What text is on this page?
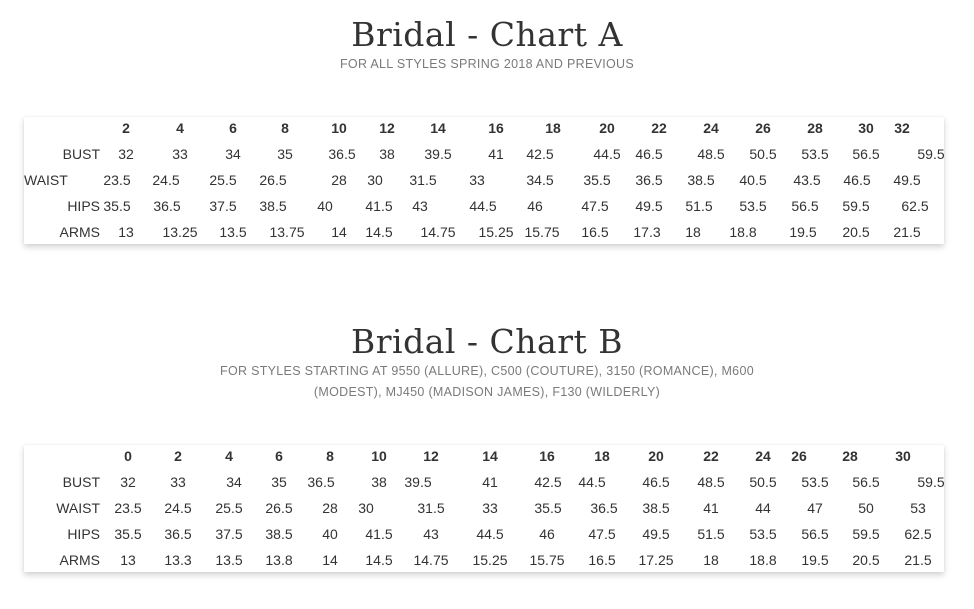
Bridal - Chart A
FOR ALL STYLES SPRING 2018 AND PREVIOUS
2	4	6	8	10 12	14	16	18	20	22	24	26	28	30 32
BUST 32	33	34	35	36.5 38 39.5	41 42.5	44.5 46.5 48.5 50.5 53.5 56.5	59.5
WAIST	23.5 24.5 25.5 26.5	28 30 31.5 33	34.5 35.5 36.5 38.5 40.5 43.5 46.5 49.5
HIPS 35.5 36.5 37.5 38.5 40 41.5 43	44.5 46	47.5 49.5 51.5 53.5 56.5 59.5 62.5
ARMS 13 13.25 13.5 13.75 14 14.5 14.75 15.25 15.75 16.5 17.3 18 18.8 19.5 20.5 21.5
Bridal - Chart B
FOR STYLES STARTING AT 9550 (ALLURE), C500 (COUTURE), 3150 (ROMANCE), M600
(MODEST), MJ450 (MADISON JAMES), F130 (WILDERLY)
0	2	4	6	8	10	12	14	16	18	20	22	24 26	28	30
BUST 32 33	34 35 36.5	38 39.5	41	42.5 44.5	46.5 48.5 50.5 53.5 56.5	59.5
WAIST 23.5 24.5 25.5 26.5 28 30	31.5	33	35.5 36.5 38.5 41	44	47	50	53
HIPS 35.5 36.5 37.5 38.5 40 41.5 43	44.5	46 47.5 49.5 51.5 53.5 56.5 59.5 62.5
ARMS 13 13.3 13.5 13.8 14 14.5 14.75 15.25 15.75 16.5 17.25 18 18.8 19.5 20.5 21.5
